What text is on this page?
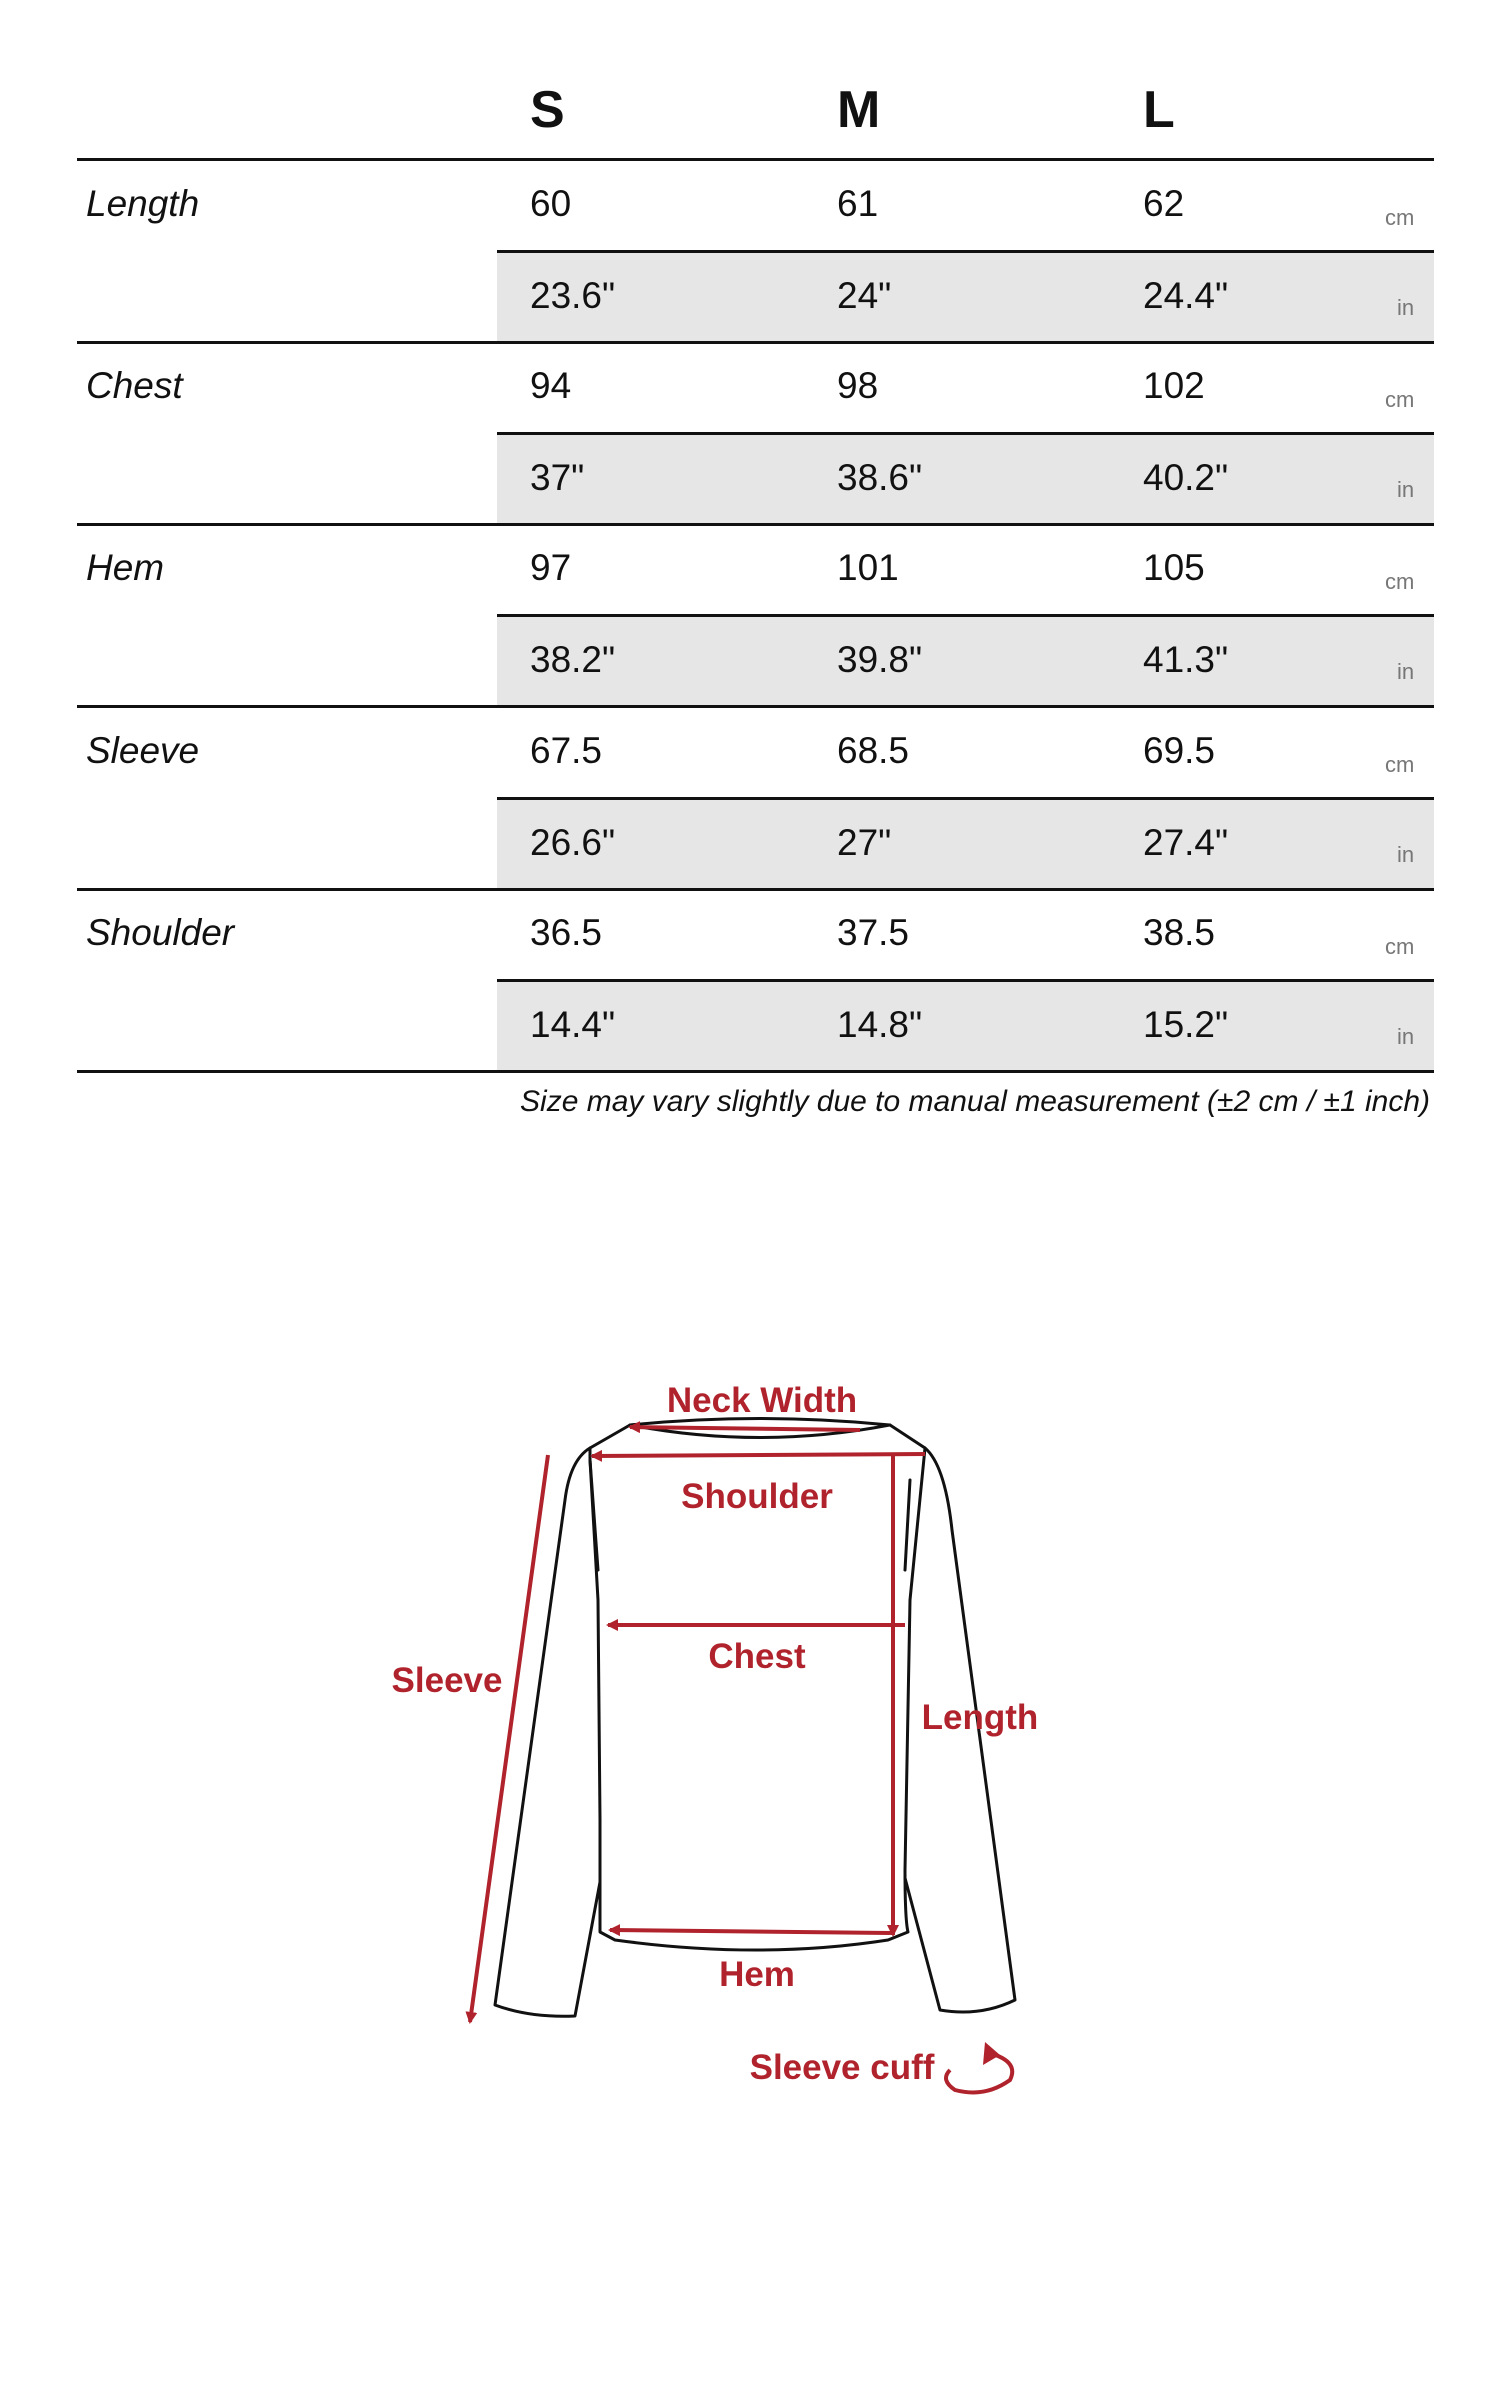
S	M	L
Length	60	61	62	cm
23.6"	24"	24.4"	in
Chest	94	98	102	cm
37"	38.6"	40.2"	in
Hem	97	101	105	cm
38.2"	39.8"	41.3"	in
Sleeve	67.5	68.5	69.5	cm
26.6"	27"	27.4"	in
Shoulder	36.5	37.5	38.5	cm
14.4"	14.8"	15.2"	in
Size may vary slightly due to manual measurement (±2 cm / ±1 inch)
Neck Width
Shoulder
Chest
Length
Sleeve
Hem
Sleeve cuff
